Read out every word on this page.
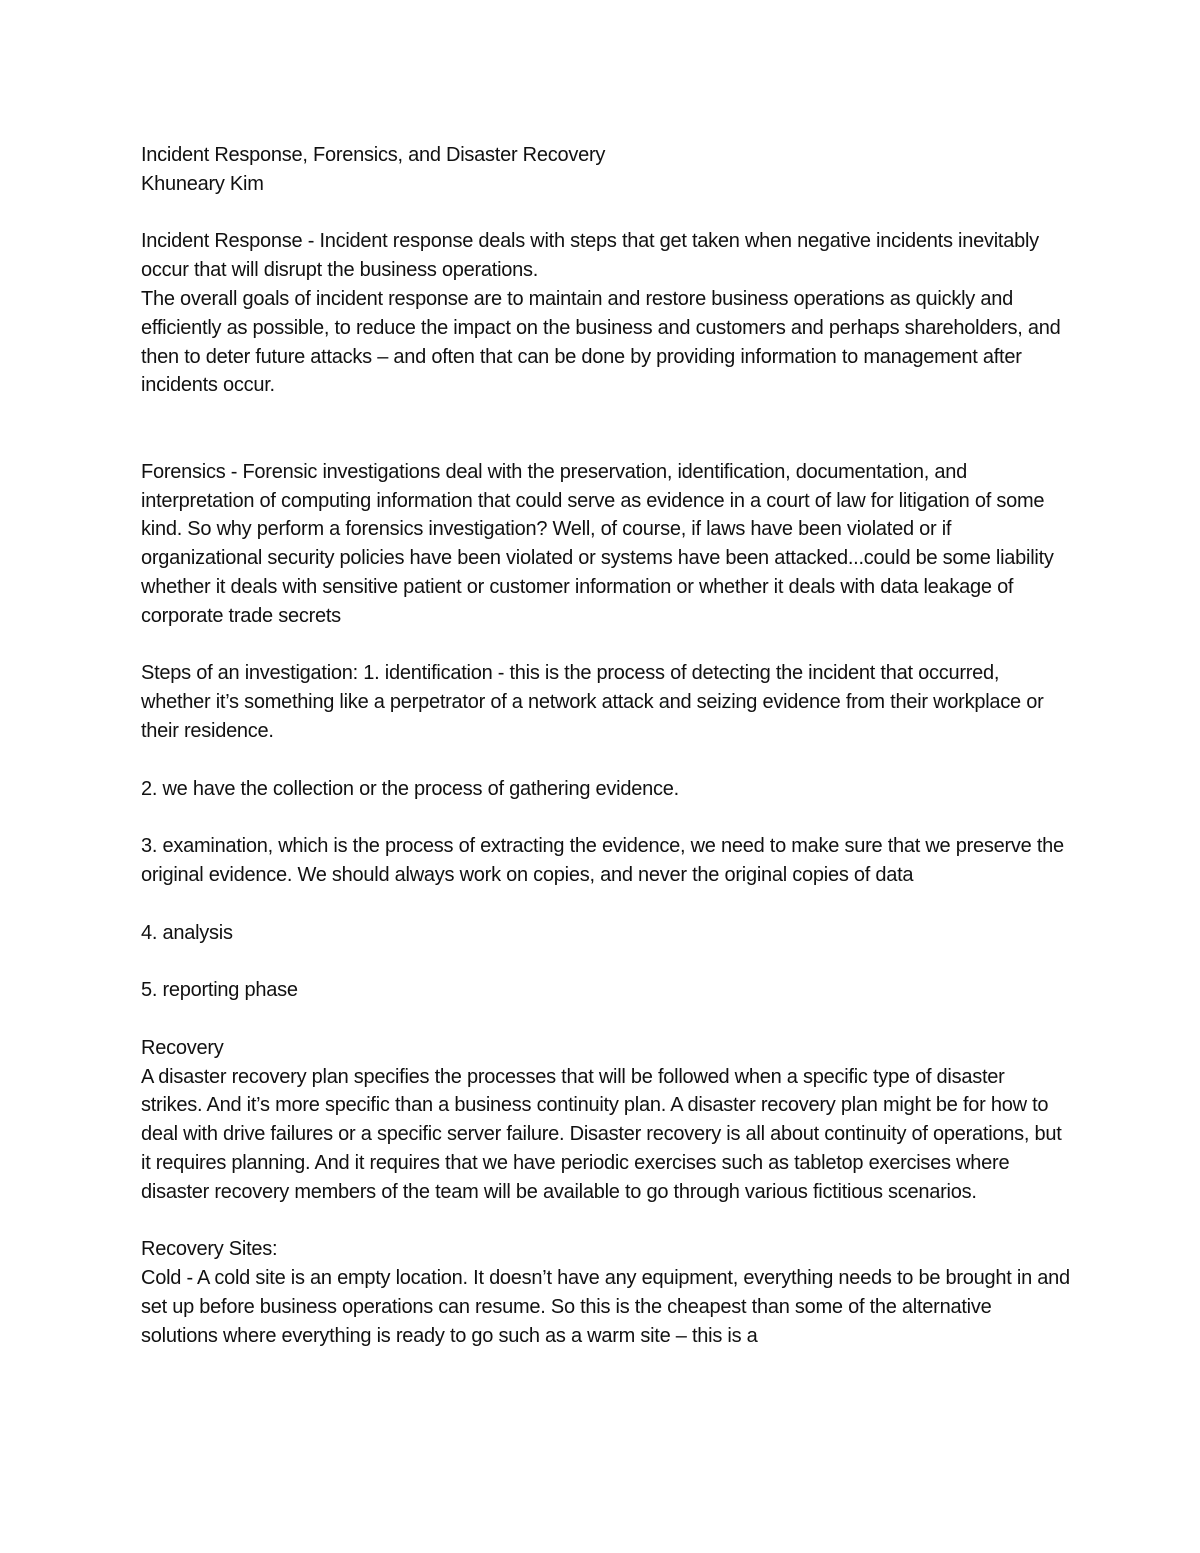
Incident Response, Forensics, and Disaster Recovery

Khuneary Kim

Incident Response - Incident response deals with steps that get taken when negative incidents inevitably occur that will disrupt the business operations.

The overall goals of incident response are to maintain and restore business operations as quickly and efficiently as possible, to reduce the impact on the business and customers and perhaps shareholders, and then to deter future attacks – and often that can be done by providing information to management after incidents occur.

Forensics - Forensic investigations deal with the preservation, identification, documentation, and interpretation of computing information that could serve as evidence in a court of law for litigation of some kind. So why perform a forensics investigation? Well, of course, if laws have been violated or if organizational security policies have been violated or systems have been attacked...could be some liability whether it deals with sensitive patient or customer information or whether it deals with data leakage of corporate trade secrets

Steps of an investigation: 1. identification - this is the process of detecting the incident that occurred, whether it’s something like a perpetrator of a network attack and seizing evidence from their workplace or their residence.

2. we have the collection or the process of gathering evidence.

3. examination, which is the process of extracting the evidence, we need to make sure that we preserve the original evidence. We should always work on copies, and never the original copies of data

4. analysis

5. reporting phase

Recovery

A disaster recovery plan specifies the processes that will be followed when a specific type of disaster strikes. And it’s more specific than a business continuity plan. A disaster recovery plan might be for how to deal with drive failures or a specific server failure. Disaster recovery is all about continuity of operations, but it requires planning. And it requires that we have periodic exercises such as tabletop exercises where disaster recovery members of the team will be available to go through various fictitious scenarios.

Recovery Sites:

Cold - A cold site is an empty location. It doesn’t have any equipment, everything needs to be brought in and set up before business operations can resume. So this is the cheapest than some of the alternative solutions where everything is ready to go such as a warm site – this is a
